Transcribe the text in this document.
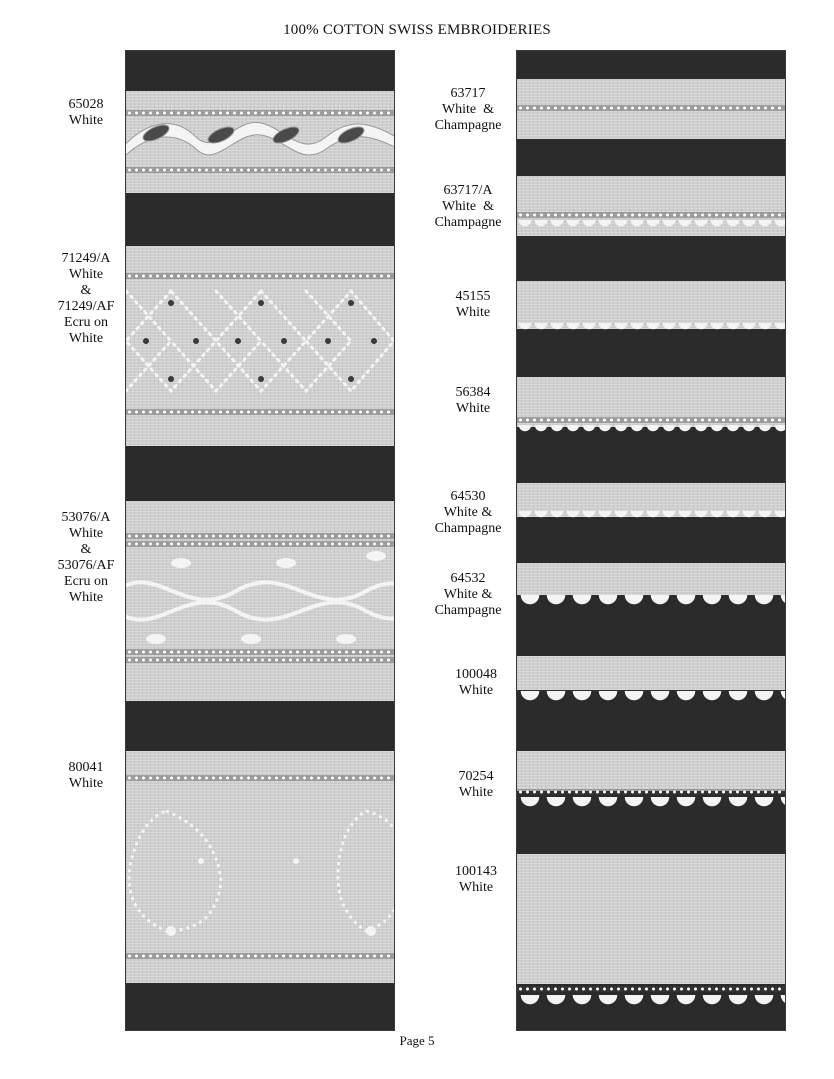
100% COTTON SWISS EMBROIDERIES
65028
White
71249/A
White
&
71249/AF
Ecru on
White
53076/A
White
&
53076/AF
Ecru on
White
80041
White
63717
White  &
Champagne
63717/A
White  &
Champagne
45155
White
56384
White
64530
White &
Champagne
64532
White &
Champagne
100048
White
70254
White
100143
White
Page 5
